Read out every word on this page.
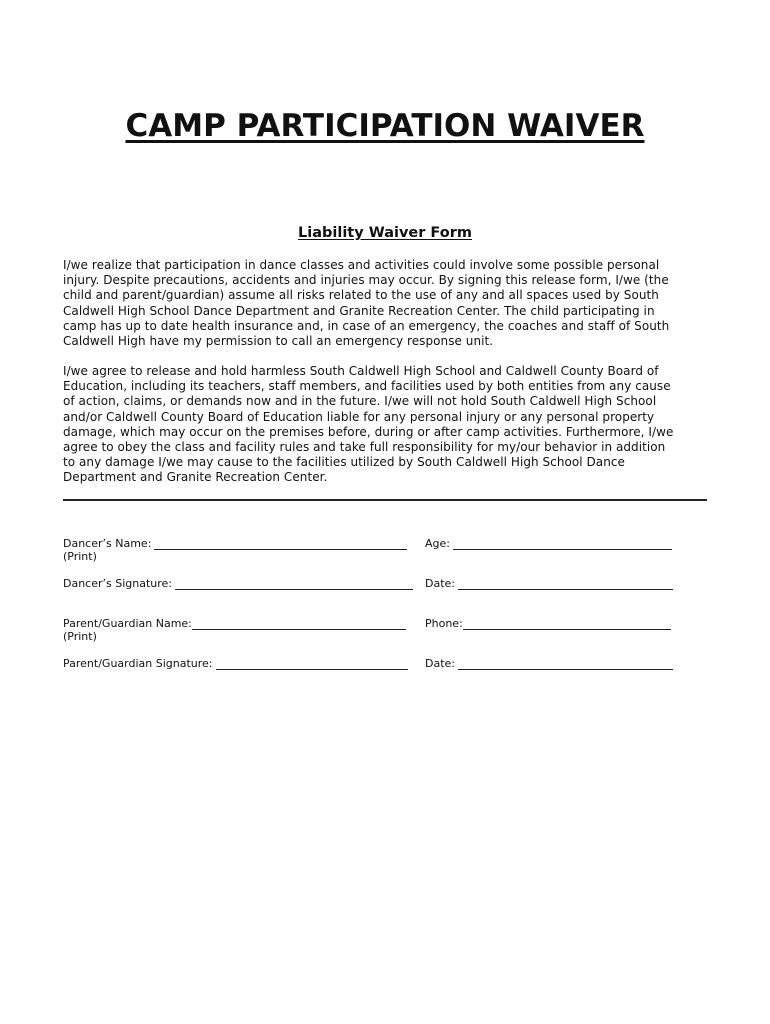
CAMP PARTICIPATION WAIVER
Liability Waiver Form
I/we realize that participation in dance classes and activities could involve some possible personal
injury. Despite precautions, accidents and injuries may occur. By signing this release form, I/we (the
child and parent/guardian) assume all risks related to the use of any and all spaces used by South
Caldwell High School Dance Department and Granite Recreation Center. The child participating in
camp has up to date health insurance and, in case of an emergency, the coaches and staff of South
Caldwell High have my permission to call an emergency response unit.
I/we agree to release and hold harmless South Caldwell High School and Caldwell County Board of
Education, including its teachers, staff members, and facilities used by both entities from any cause
of action, claims, or demands now and in the future. I/we will not hold South Caldwell High School
and/or Caldwell County Board of Education liable for any personal injury or any personal property
damage, which may occur on the premises before, during or after camp activities. Furthermore, I/we
agree to obey the class and facility rules and take full responsibility for my/our behavior in addition
to any damage I/we may cause to the facilities utilized by South Caldwell High School Dance
Department and Granite Recreation Center.
Dancer’s Name:
(Print)
Age:
Dancer’s Signature:	Date:
Parent/Guardian Name:
(Print)
Phone:
Parent/Guardian Signature:	Date:
